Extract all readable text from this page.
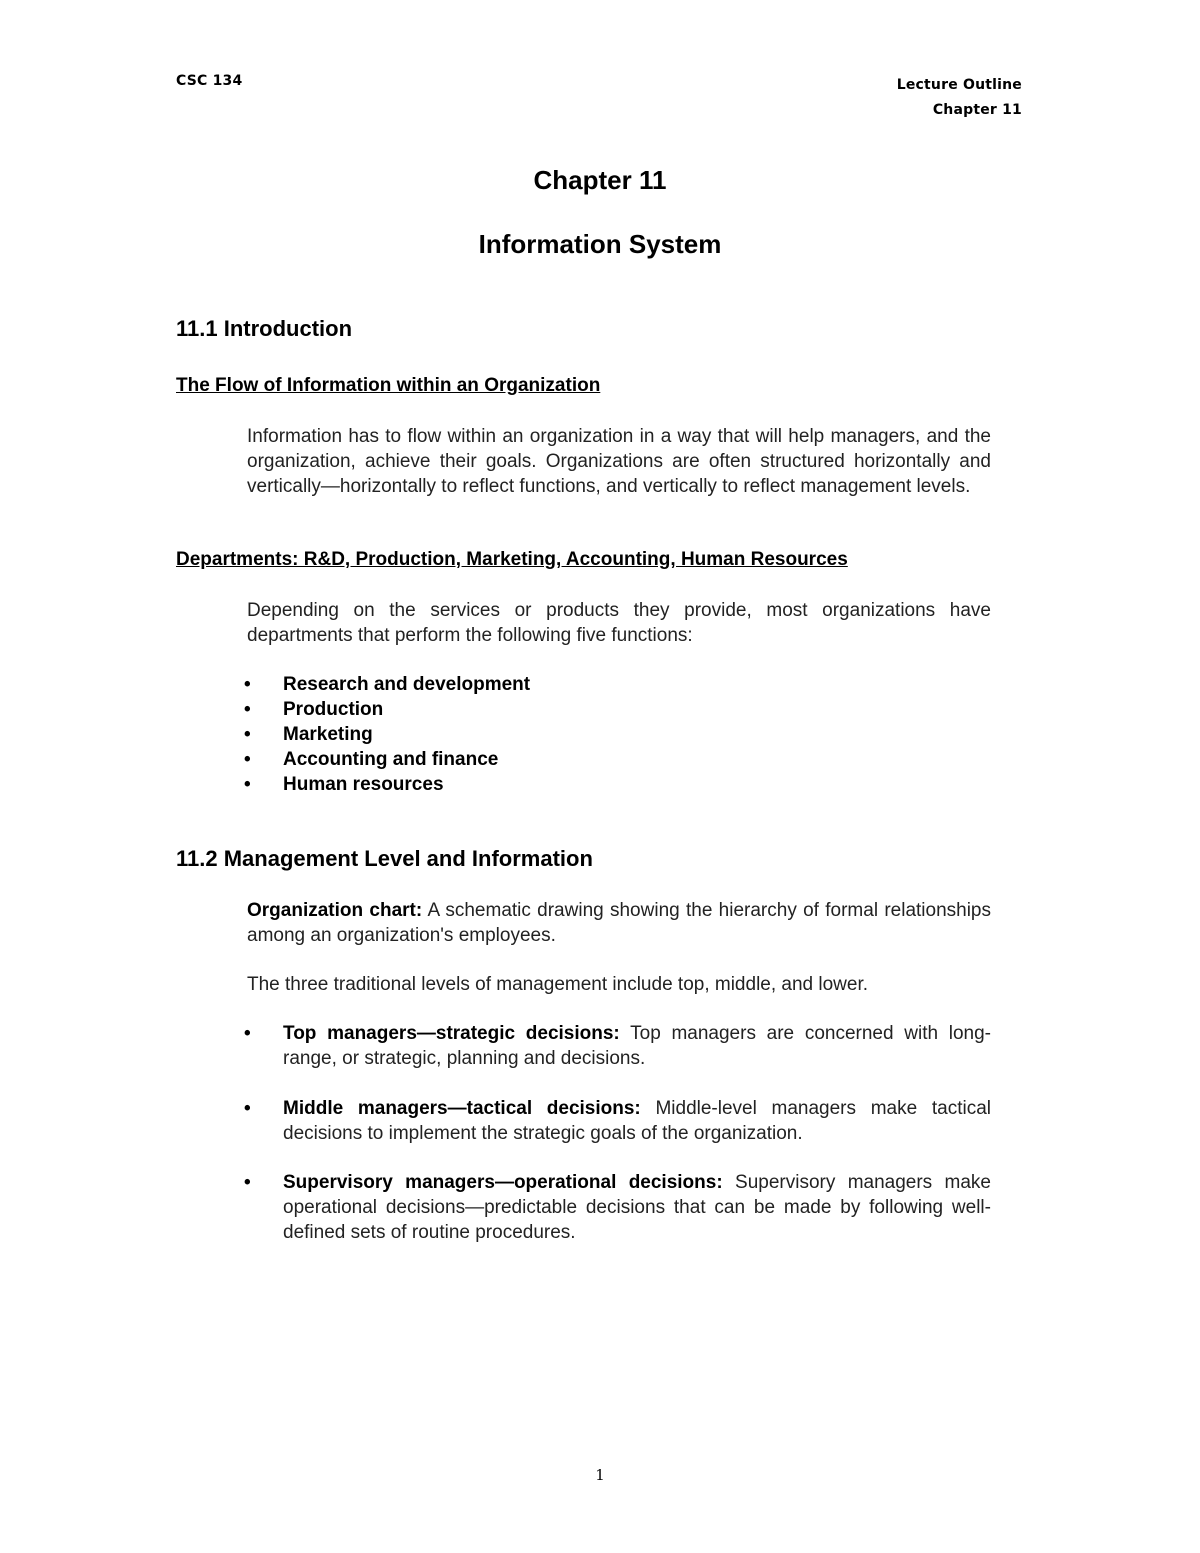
CSC 134	Lecture Outline
Chapter 11
Chapter 11
Information System
11.1 Introduction
The Flow of Information within an Organization
Information has to flow within an organization in a way that will help managers, and the organization, achieve their goals. Organizations are often structured horizontally and vertically—horizontally to reflect functions, and vertically to reflect management levels.
Departments: R&D, Production, Marketing, Accounting, Human Resources
Depending on the services or products they provide, most organizations have departments that perform the following five functions:
• Research and development
• Production
• Marketing
• Accounting and finance
• Human resources
11.2 Management Level and Information
Organization chart: A schematic drawing showing the hierarchy of formal relationships among an organization's employees.
The three traditional levels of management include top, middle, and lower.
• Top managers—strategic decisions: Top managers are concerned with long-range, or strategic, planning and decisions.
• Middle managers—tactical decisions: Middle-level managers make tactical decisions to implement the strategic goals of the organization.
• Supervisory managers—operational decisions: Supervisory managers make operational decisions—predictable decisions that can be made by following well-defined sets of routine procedures.
1
